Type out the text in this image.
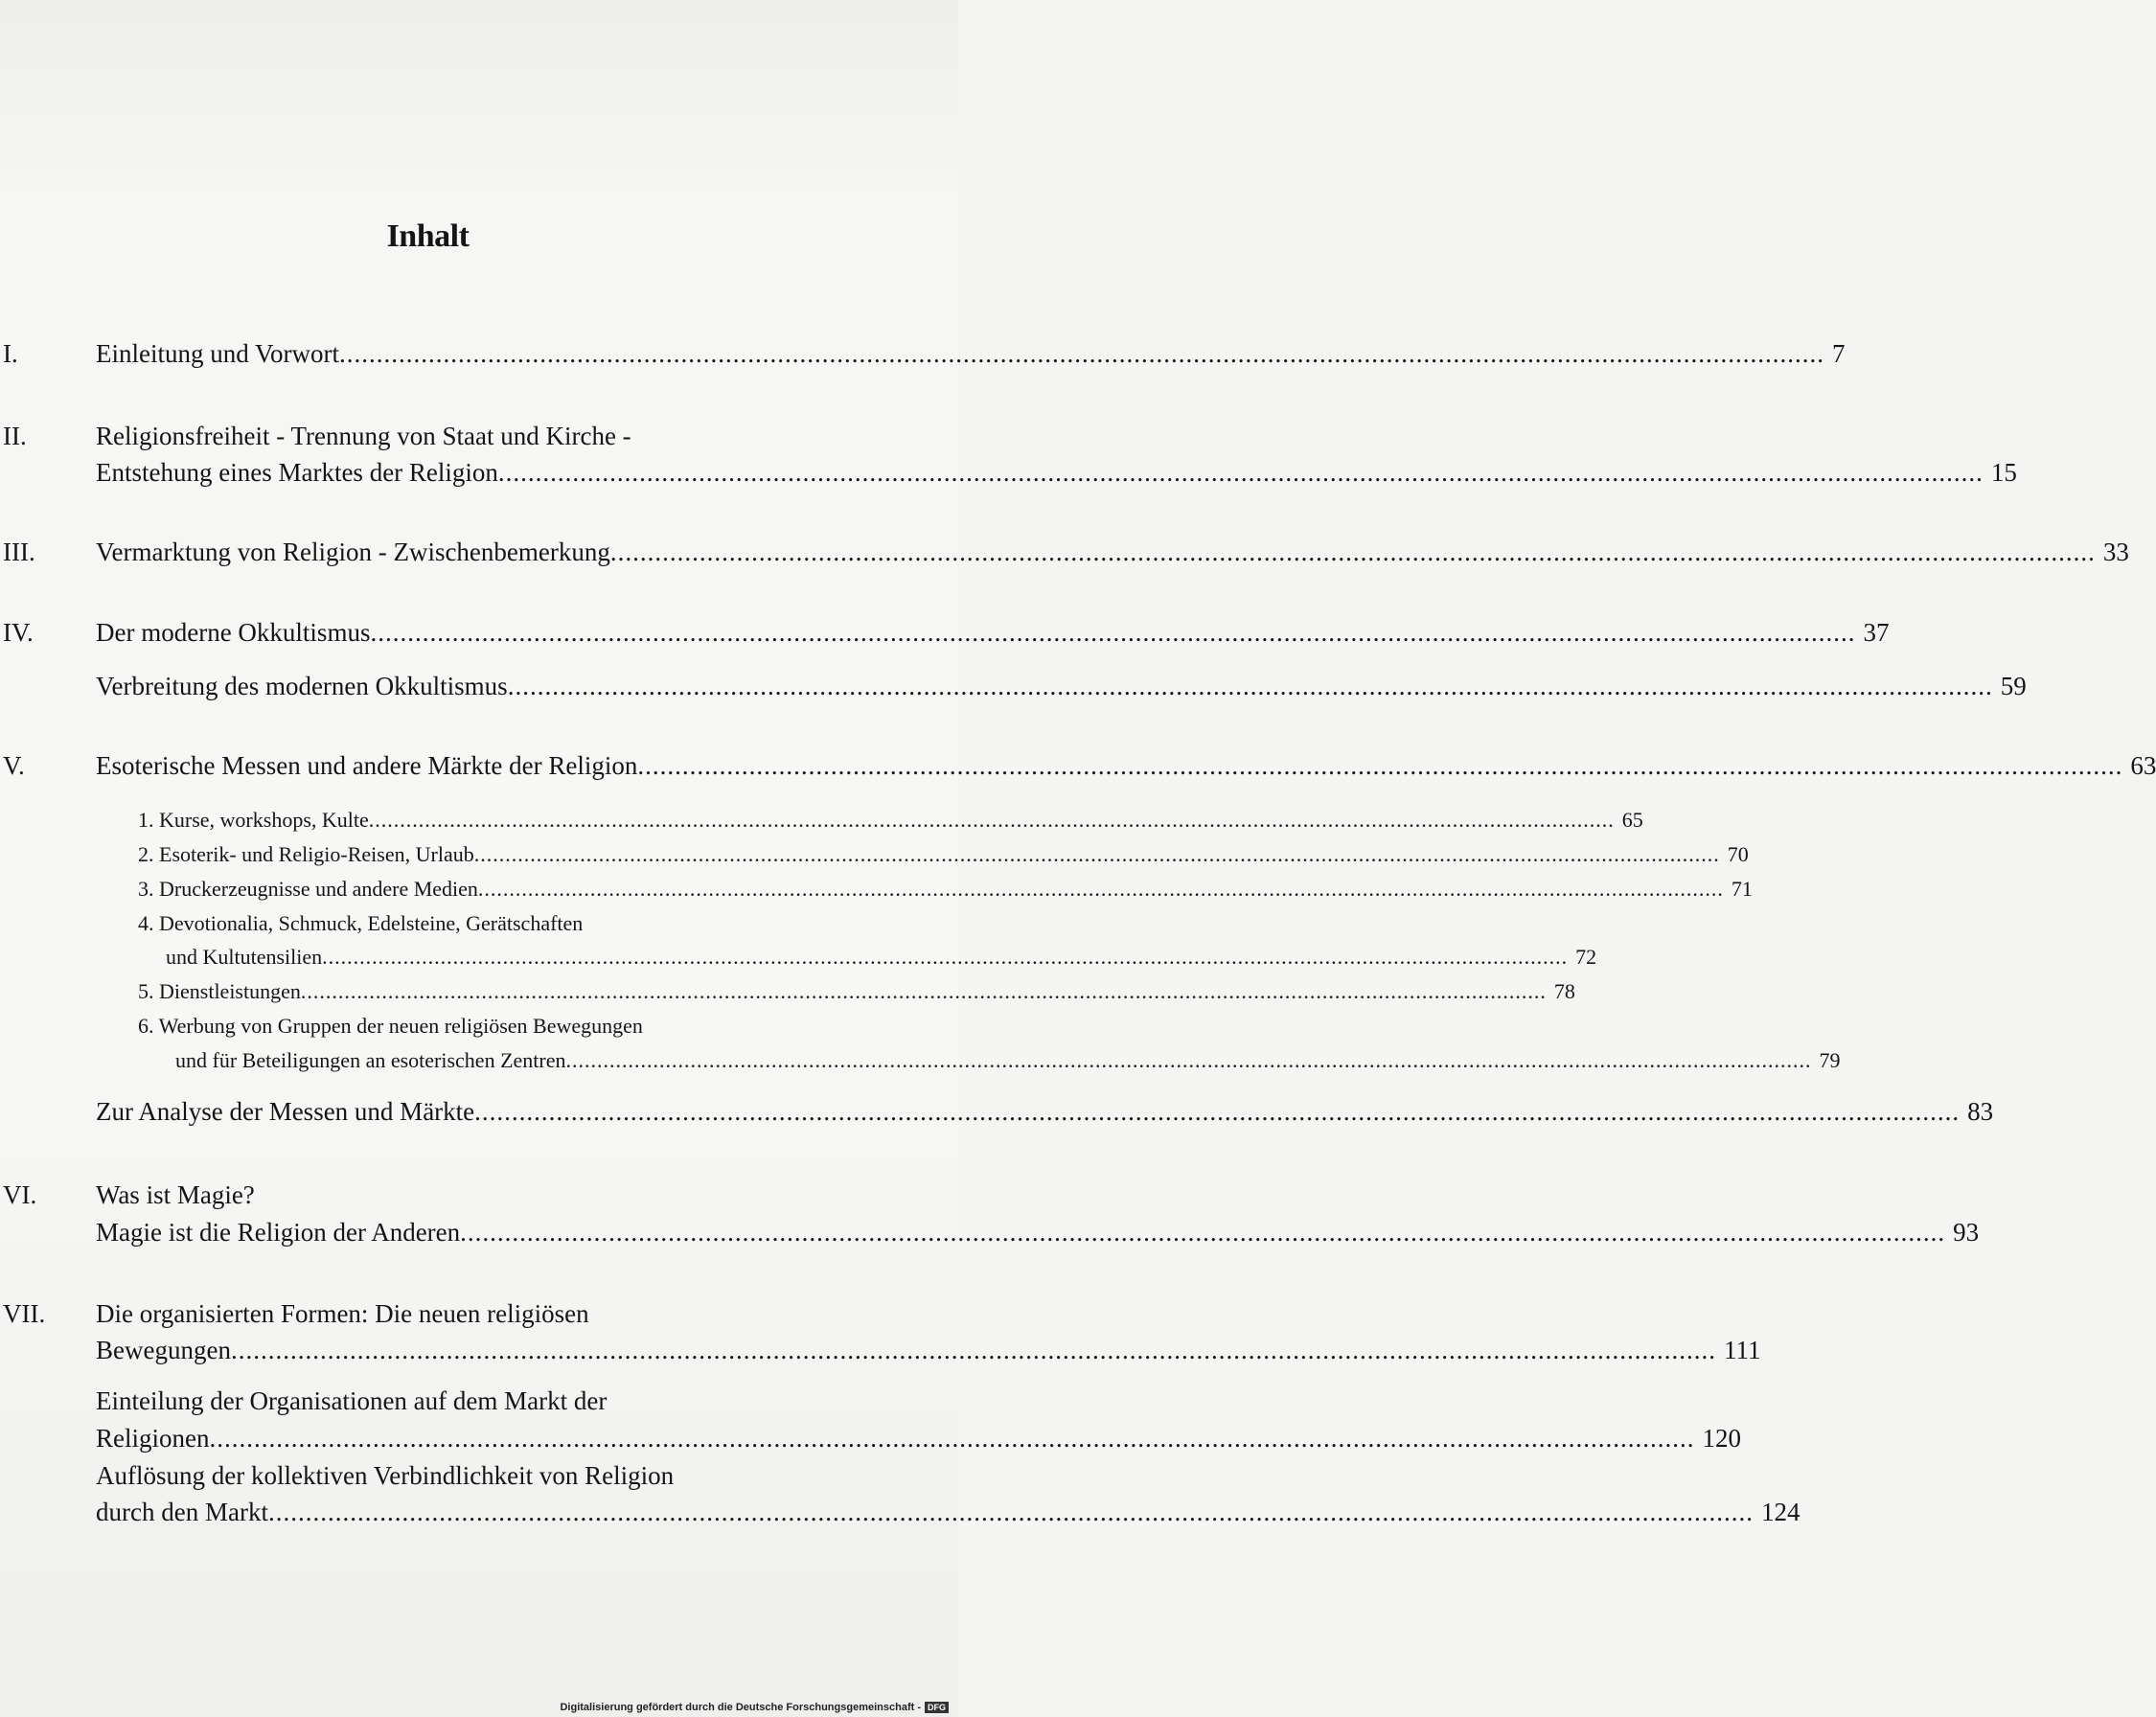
Inhalt
I.	Einleitung und Vorwort ........................................................................................................................................................................................................ 7
II.	Religionsfreiheit - Trennung von Staat und Kirche -
Entstehung eines Marktes der Religion ........................................................................................................................................................................................................ 15
III. Vermarktung von Religion - Zwischenbemerkung ........................................................................................................................................................................................................ 33
IV. Der moderne Okkultismus ........................................................................................................................................................................................................ 37
Verbreitung des modernen Okkultismus ........................................................................................................................................................................................................ 59
V.	Esoterische Messen und andere Märkte der Religion ........................................................................................................................................................................................................ 63
1. Kurse, workshops, Kulte ........................................................................................................................................................................................................ 65
2. Esoterik- und Religio-Reisen, Urlaub ........................................................................................................................................................................................................ 70
3. Druckerzeugnisse und andere Medien ........................................................................................................................................................................................................ 71
4. Devotionalia, Schmuck, Edelsteine, Gerätschaften
und Kultutensilien ........................................................................................................................................................................................................ 72
5. Dienstleistungen ........................................................................................................................................................................................................ 78
6. Werbung von Gruppen der neuen religiösen Bewegungen
und für Beteiligungen an esoterischen Zentren ........................................................................................................................................................................................................ 79
Zur Analyse der Messen und Märkte ........................................................................................................................................................................................................ 83
VI. Was ist Magie?
Magie ist die Religion der Anderen ........................................................................................................................................................................................................ 93
VII. Die organisierten Formen: Die neuen religiösen
Bewegungen ........................................................................................................................................................................................................ 111
Einteilung der Organisationen auf dem Markt der
Religionen ........................................................................................................................................................................................................ 120
Auflösung der kollektiven Verbindlichkeit von Religion
durch den Markt ........................................................................................................................................................................................................ 124
Digitalisierung gefördert durch die Deutsche Forschungsgemeinschaft - DFG
